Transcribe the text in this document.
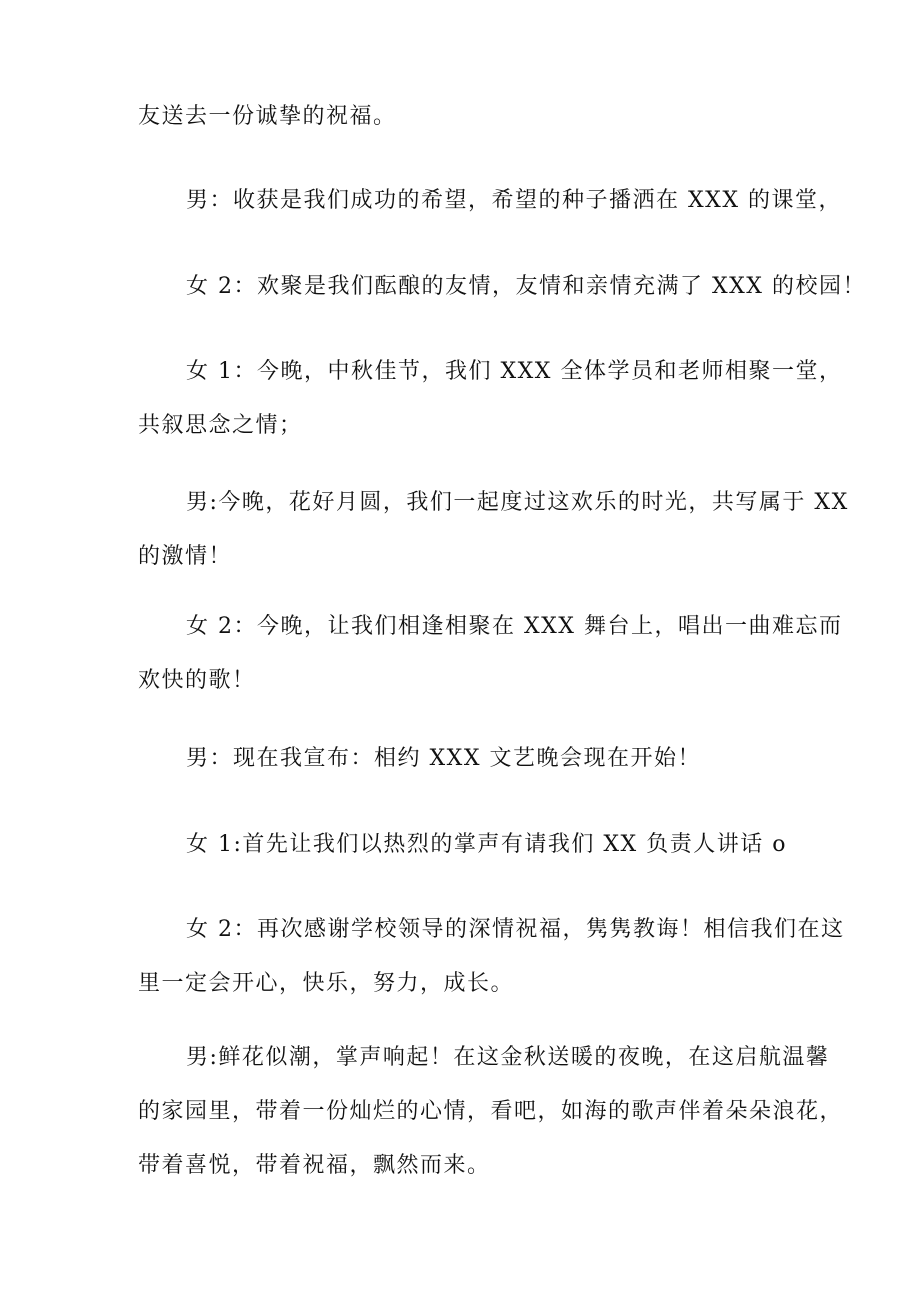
友送去一份诚挚的祝福。

男：收获是我们成功的希望，希望的种子播洒在 XXX 的课堂，

女 2：欢聚是我们酝酿的友情，友情和亲情充满了 XXX 的校园！

女 1：今晚，中秋佳节，我们 XXX 全体学员和老师相聚一堂，
共叙思念之情；

男:今晚，花好月圆，我们一起度过这欢乐的时光，共写属于 XX
的激情！

女 2：今晚，让我们相逢相聚在 XXX 舞台上，唱出一曲难忘而
欢快的歌！

男：现在我宣布：相约 XXX 文艺晚会现在开始！

女 1:首先让我们以热烈的掌声有请我们 XX 负责人讲话 o

女 2：再次感谢学校领导的深情祝福，隽隽教诲！相信我们在这
里一定会开心，快乐，努力，成长。

男:鲜花似潮，掌声响起！在这金秋送暖的夜晚，在这启航温馨
的家园里，带着一份灿烂的心情，看吧，如海的歌声伴着朵朵浪花，
带着喜悦，带着祝福，飘然而来。
